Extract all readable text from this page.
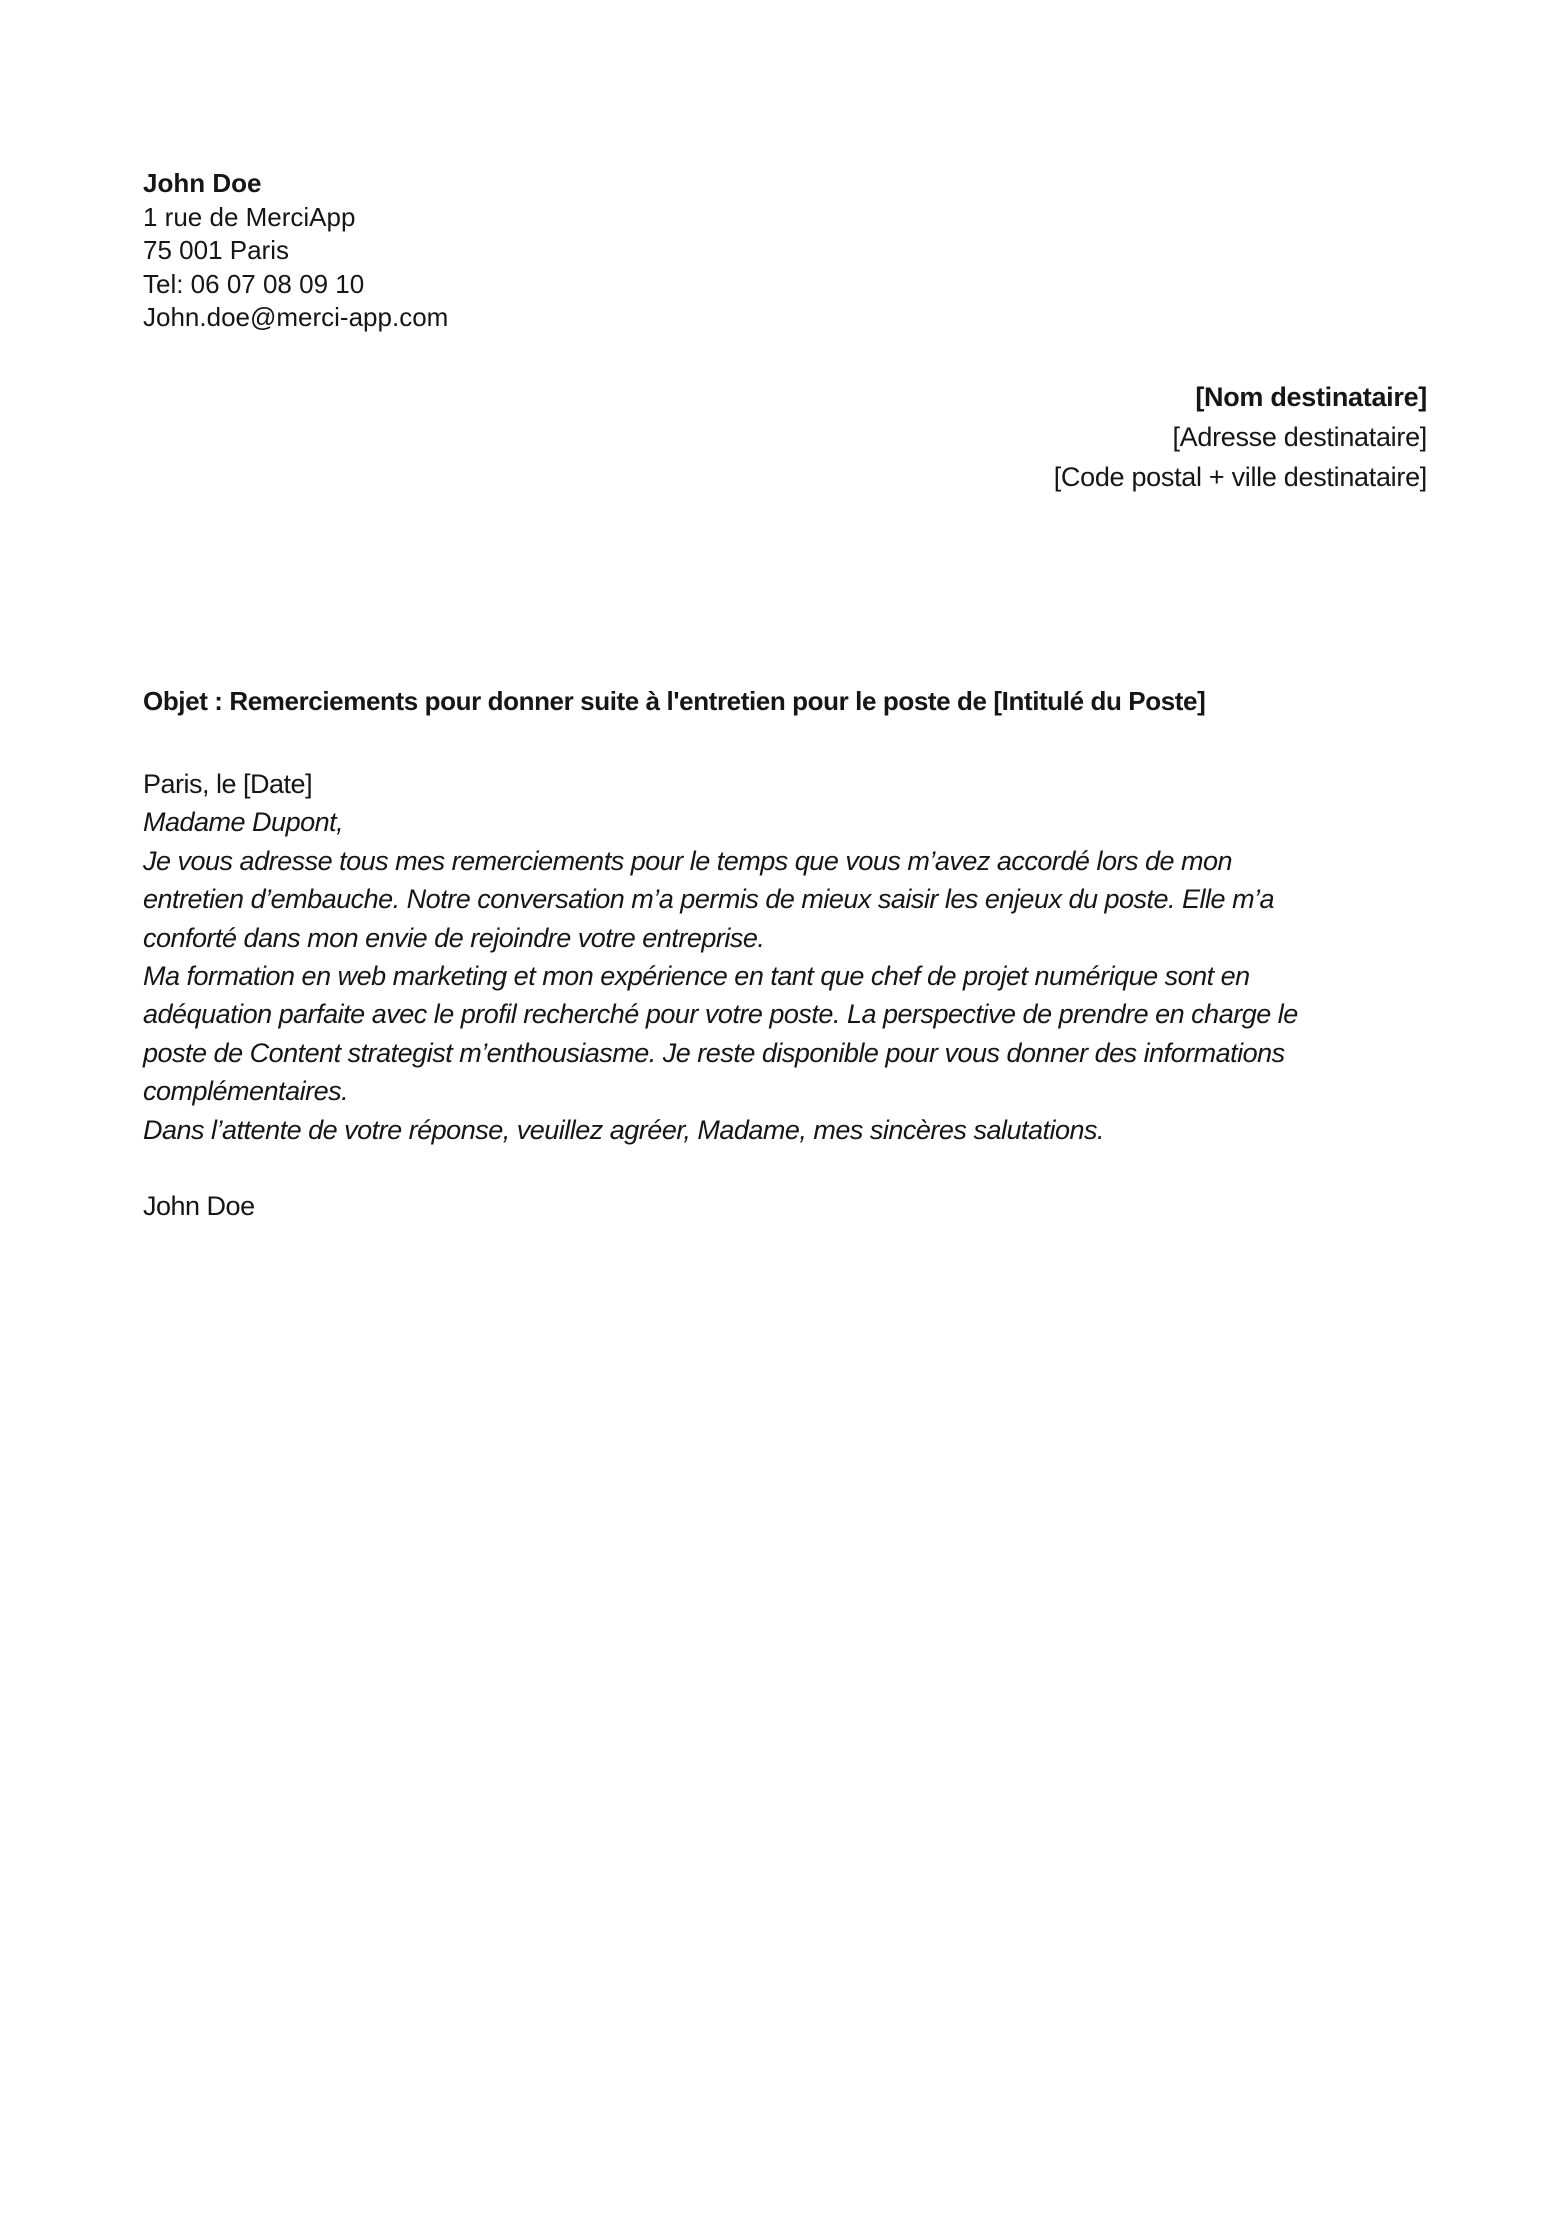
John Doe
1 rue de MerciApp
75 001 Paris
Tel: 06 07 08 09 10
John.doe@merci-app.com
[Nom destinataire]
[Adresse destinataire]
[Code postal + ville destinataire]
Objet : Remerciements pour donner suite à l'entretien pour le poste de [Intitulé du Poste]
Paris, le [Date]
Madame Dupont,
Je vous adresse tous mes remerciements pour le temps que vous m’avez accordé lors de mon
entretien d’embauche. Notre conversation m’a permis de mieux saisir les enjeux du poste. Elle m’a
conforté dans mon envie de rejoindre votre entreprise.
Ma formation en web marketing et mon expérience en tant que chef de projet numérique sont en
adéquation parfaite avec le profil recherché pour votre poste. La perspective de prendre en charge le
poste de Content strategist m’enthousiasme. Je reste disponible pour vous donner des informations
complémentaires.
Dans l’attente de votre réponse, veuillez agréer, Madame, mes sincères salutations.
John Doe
